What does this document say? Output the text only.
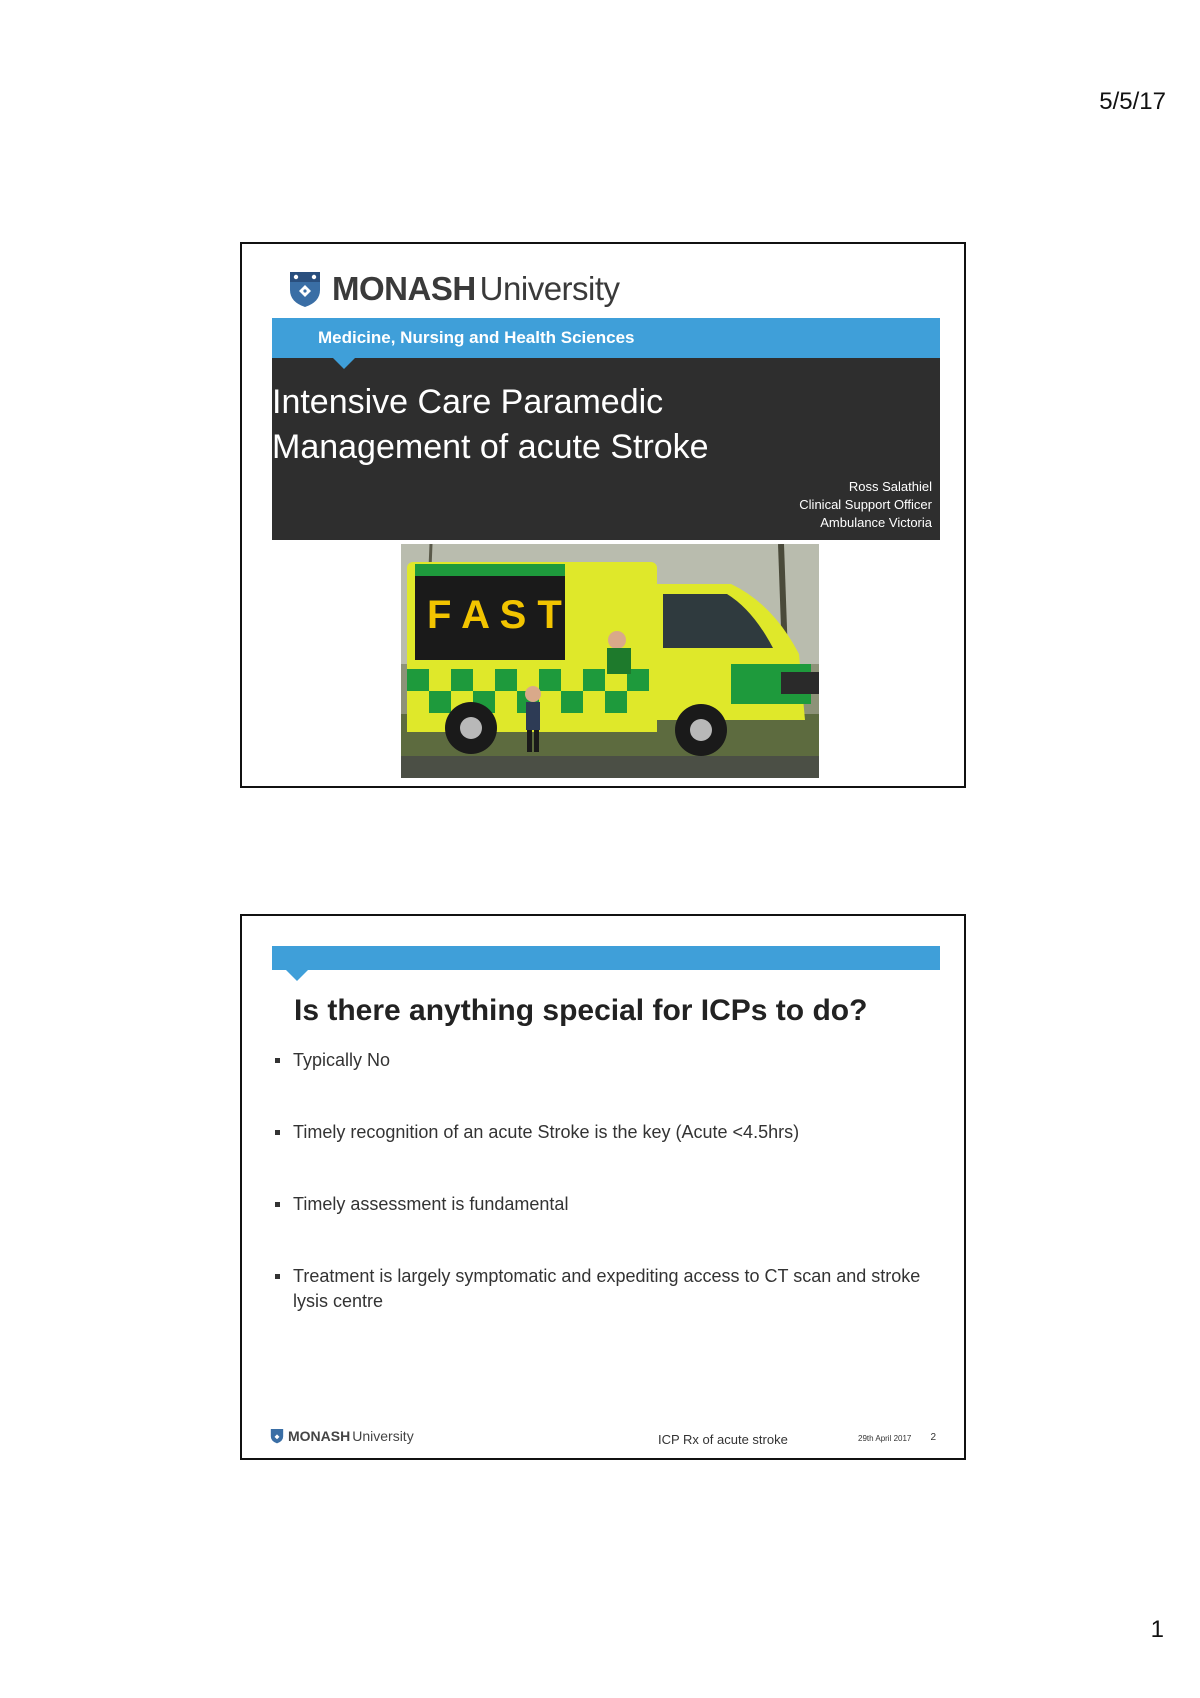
5/5/17
MONASH University
Medicine, Nursing and Health Sciences
Intensive Care Paramedic
Management of acute Stroke
Ross Salathiel
Clinical Support Officer
Ambulance Victoria
F A S T
Is there anything special for ICPs to do?
Typically No
Timely recognition of an acute Stroke is the key (Acute <4.5hrs)
Timely assessment is fundamental
Treatment is largely symptomatic and expediting access to CT scan and stroke lysis centre
MONASH University	ICP Rx of acute stroke	29th April 2017 2
1
